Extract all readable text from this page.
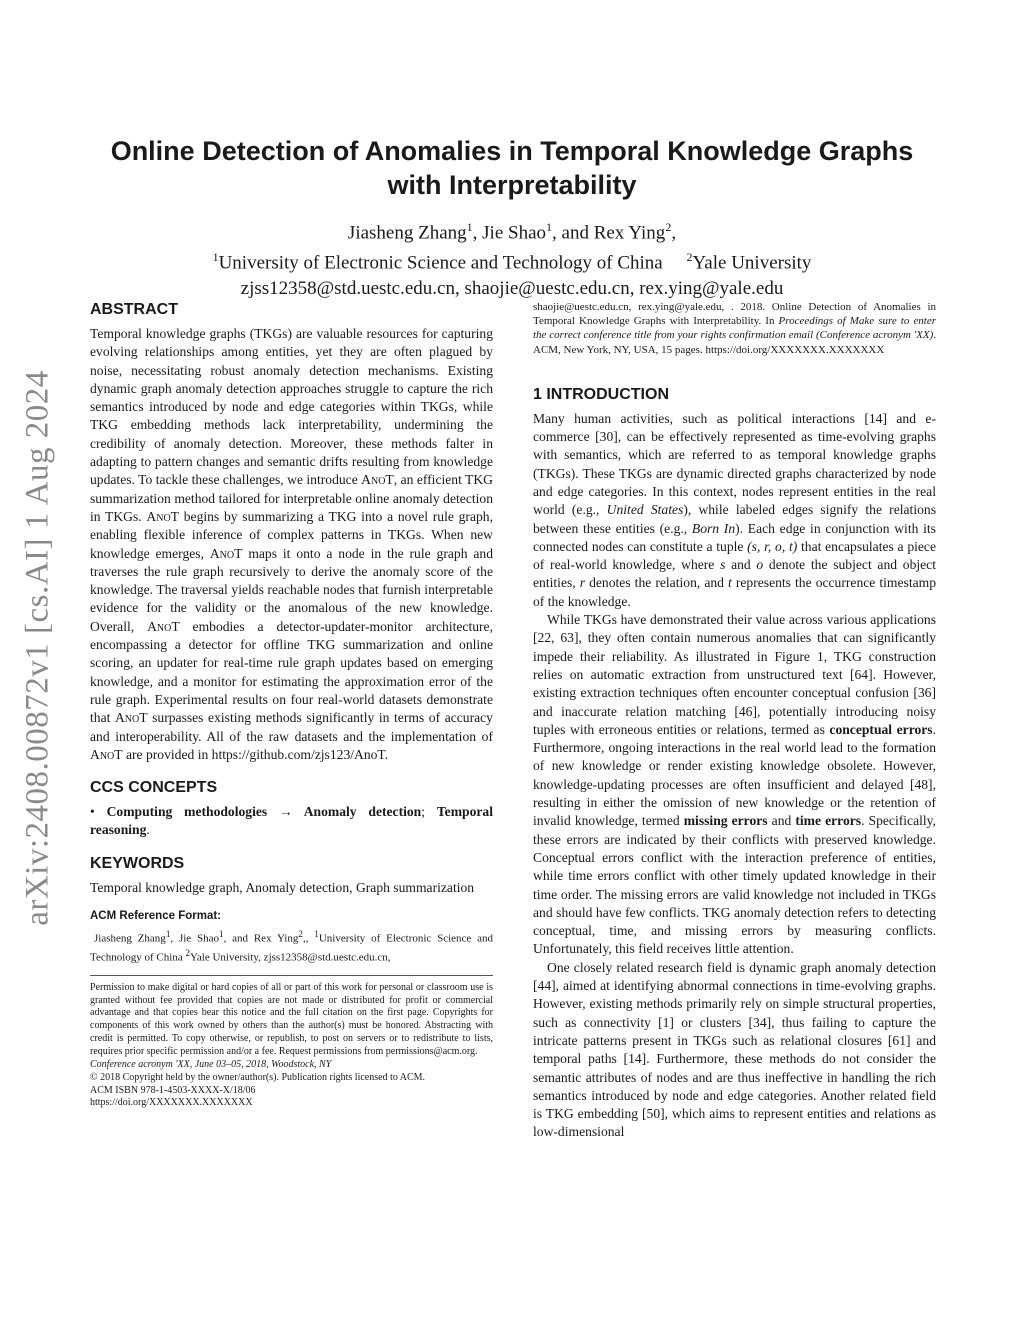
arXiv:2408.00872v1 [cs.AI] 1 Aug 2024
Online Detection of Anomalies in Temporal Knowledge Graphs
with Interpretability
Jiasheng Zhang$^1$, Jie Shao$^1$, and Rex Ying$^2$,
$^1$University of Electronic Science and Technology of China $^2$Yale University
zjss12358@std.uestc.edu.cn, shaojie@uestc.edu.cn, rex.ying@yale.edu
ABSTRACT

Temporal knowledge graphs (TKGs) are valuable resources for capturing evolving relationships among entities, yet they are often plagued by noise, necessitating robust anomaly detection mechanisms. Existing dynamic graph anomaly detection approaches struggle to capture the rich semantics introduced by node and edge categories within TKGs, while TKG embedding methods lack interpretability, undermining the credibility of anomaly detection. Moreover, these methods falter in adapting to pattern changes and semantic drifts resulting from knowledge updates. To tackle these challenges, we introduce AnoT, an efficient TKG summarization method tailored for interpretable online anomaly detection in TKGs. AnoT begins by summarizing a TKG into a novel rule graph, enabling flexible inference of complex patterns in TKGs. When new knowledge emerges, AnoT maps it onto a node in the rule graph and traverses the rule graph recursively to derive the anomaly score of the knowledge. The traversal yields reachable nodes that furnish interpretable evidence for the validity or the anomalous of the new knowledge. Overall, AnoT embodies a detector-updater-monitor architecture, encompassing a detector for offline TKG summarization and online scoring, an updater for real-time rule graph updates based on emerging knowledge, and a monitor for estimating the approximation error of the rule graph. Experimental results on four real-world datasets demonstrate that AnoT surpasses existing methods significantly in terms of accuracy and interoperability. All of the raw datasets and the implementation of AnoT are provided in https://github.com/zjs123/AnoT.

CCS CONCEPTS

• Computing methodologies → Anomaly detection; Temporal reasoning.

KEYWORDS

Temporal knowledge graph, Anomaly detection, Graph summarization

ACM Reference Format:

Jiasheng Zhang$^1$, Jie Shao$^1$, and Rex Ying$^2$,, $^1$University of Electronic Science and Technology of China $^2$Yale University, zjss12358@std.uestc.edu.cn,

Permission to make digital or hard copies of all or part of this work for personal or classroom use is granted without fee provided that copies are not made or distributed for profit or commercial advantage and that copies bear this notice and the full citation on the first page. Copyrights for components of this work owned by others than the author(s) must be honored. Abstracting with credit is permitted. To copy otherwise, or republish, to post on servers or to redistribute to lists, requires prior specific permission and/or a fee. Request permissions from permissions@acm.org.

Conference acronym 'XX, June 03–05, 2018, Woodstock, NY

© 2018 Copyright held by the owner/author(s). Publication rights licensed to ACM.

ACM ISBN 978-1-4503-XXXX-X/18/06

https://doi.org/XXXXXXX.XXXXXXX

shaojie@uestc.edu.cn, rex.ying@yale.edu, . 2018. Online Detection of Anomalies in Temporal Knowledge Graphs with Interpretability. In Proceedings of Make sure to enter the correct conference title from your rights confirmation email (Conference acronym 'XX). ACM, New York, NY, USA, 15 pages. https://doi.org/XXXXXXX.XXXXXXX

1 INTRODUCTION

Many human activities, such as political interactions [14] and e-commerce [30], can be effectively represented as time-evolving graphs with semantics, which are referred to as temporal knowledge graphs (TKGs). These TKGs are dynamic directed graphs characterized by node and edge categories. In this context, nodes represent entities in the real world (e.g., United States), while labeled edges signify the relations between these entities (e.g., Born In). Each edge in conjunction with its connected nodes can constitute a tuple (s, r, o, t) that encapsulates a piece of real-world knowledge, where s and o denote the subject and object entities, r denotes the relation, and t represents the occurrence timestamp of the knowledge.

While TKGs have demonstrated their value across various applications [22, 63], they often contain numerous anomalies that can significantly impede their reliability. As illustrated in Figure 1, TKG construction relies on automatic extraction from unstructured text [64]. However, existing extraction techniques often encounter conceptual confusion [36] and inaccurate relation matching [46], potentially introducing noisy tuples with erroneous entities or relations, termed as conceptual errors. Furthermore, ongoing interactions in the real world lead to the formation of new knowledge or render existing knowledge obsolete. However, knowledge-updating processes are often insufficient and delayed [48], resulting in either the omission of new knowledge or the retention of invalid knowledge, termed missing errors and time errors. Specifically, these errors are indicated by their conflicts with preserved knowledge. Conceptual errors conflict with the interaction preference of entities, while time errors conflict with other timely updated knowledge in their time order. The missing errors are valid knowledge not included in TKGs and should have few conflicts. TKG anomaly detection refers to detecting conceptual, time, and missing errors by measuring conflicts. Unfortunately, this field receives little attention.

One closely related research field is dynamic graph anomaly detection [44], aimed at identifying abnormal connections in time-evolving graphs. However, existing methods primarily rely on simple structural properties, such as connectivity [1] or clusters [34], thus failing to capture the intricate patterns present in TKGs such as relational closures [61] and temporal paths [14]. Furthermore, these methods do not consider the semantic attributes of nodes and are thus ineffective in handling the rich semantics introduced by node and edge categories. Another related field is TKG embedding [50], which aims to represent entities and relations as low-dimensional
